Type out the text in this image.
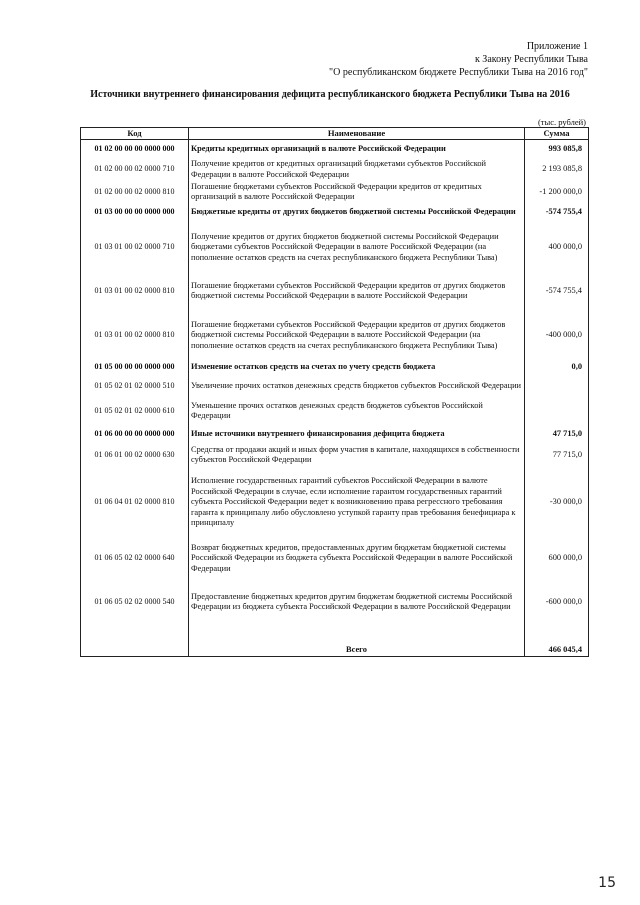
Приложение 1
к Закону Республики Тыва
"О республиканском бюджете Республики Тыва на 2016 год"
Источники внутреннего финансирования дефицита республиканского бюджета Республики Тыва на 2016
(тыс. рублей)
Код	Наименование	Сумма
01 02 00 00 00 0000 000	Кредиты кредитных организаций в валюте Российской Федерации	993 085,8
01 02 00 00 02 0000 710	Получение кредитов от кредитных организаций бюджетами субъектов Российской Федерации в валюте Российской Федерации	2 193 085,8
01 02 00 00 02 0000 810	Погашение бюджетами субъектов Российской Федерации кредитов от кредитных организаций в валюте Российской Федерации	-1 200 000,0
01 03 00 00 00 0000 000	Бюджетные кредиты от других бюджетов бюджетной системы Российской Федерации	-574 755,4
01 03 01 00 02 0000 710	Получение кредитов от других бюджетов бюджетной системы Российской Федерации бюджетами субъектов Российской Федерации в валюте Российской Федерации (на пополнение остатков средств на счетах республиканского бюджета Республики Тыва)	400 000,0
01 03 01 00 02 0000 810	Погашение бюджетами субъектов Российской Федерации кредитов от других бюджетов бюджетной системы Российской Федерации в валюте Российской Федерации	-574 755,4
01 03 01 00 02 0000 810	Погашение бюджетами субъектов Российской Федерации кредитов от других бюджетов бюджетной системы Российской Федерации в валюте Российской Федерации (на пополнение остатков средств на счетах республиканского бюджета Республики Тыва)	-400 000,0
01 05 00 00 00 0000 000	Изменение остатков средств на счетах по учету средств бюджета	0,0
01 05 02 01 02 0000 510	Увеличение прочих остатков денежных средств бюджетов субъектов Российской Федерации	
01 05 02 01 02 0000 610	Уменьшение прочих остатков денежных средств бюджетов субъектов Российской Федерации	
01 06 00 00 00 0000 000	Иные источники внутреннего финансирования дефицита бюджета	47 715,0
01 06 01 00 02 0000 630	Средства от продажи акций и иных форм участия в капитале, находящихся в собственности субъектов Российской Федерации	77 715,0
01 06 04 01 02 0000 810	Исполнение государственных гарантий субъектов Российской Федерации в валюте Российской Федерации в случае, если исполнение гарантом государственных гарантий субъекта Российской Федерации ведет к возникновению права регрессного требования гаранта к принципалу либо обусловлено уступкой гаранту прав требования бенефициара к принципалу	-30 000,0
01 06 05 02 02 0000 640	Возврат бюджетных кредитов, предоставленных другим бюджетам бюджетной системы Российской Федерации из бюджета субъекта Российской Федерации в валюте Российской Федерации	600 000,0
01 06 05 02 02 0000 540	Предоставление бюджетных кредитов другим бюджетам бюджетной системы Российской Федерации из бюджета субъекта Российской Федерации в валюте Российской Федерации	-600 000,0
	Всего	466 045,4
15
